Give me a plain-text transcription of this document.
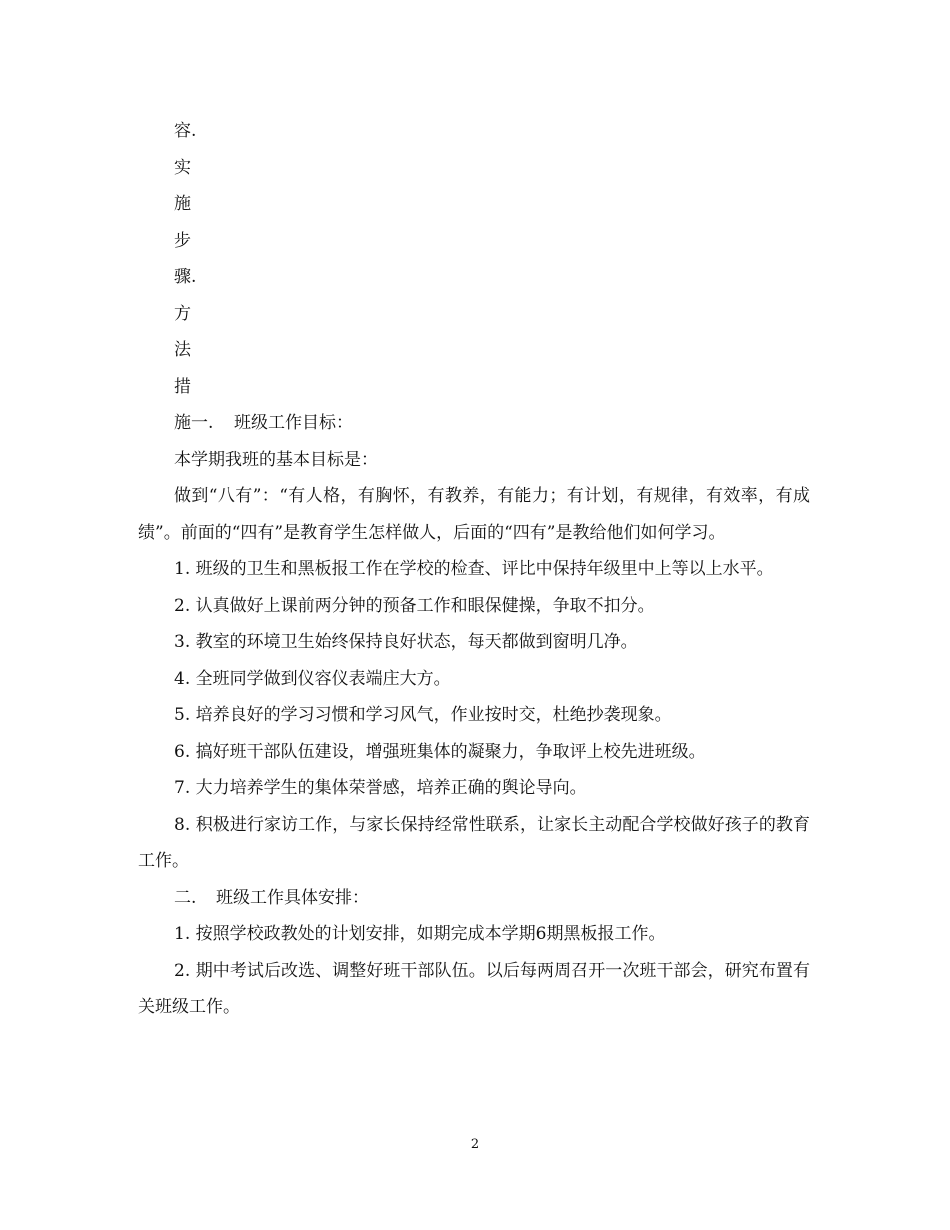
容.

实

施

步

骤.

方

法

措

施一. 班级工作目标：

本学期我班的基本目标是：

做到“八有”：“有人格，有胸怀，有教养，有能力；有计划，有规律，有效率，有成绩”。前面的“四有”是教育学生怎样做人，后面的“四有”是教给他们如何学习。

1. 班级的卫生和黑板报工作在学校的检查、评比中保持年级里中上等以上水平。

2. 认真做好上课前两分钟的预备工作和眼保健操，争取不扣分。

3. 教室的环境卫生始终保持良好状态，每天都做到窗明几净。

4. 全班同学做到仪容仪表端庄大方。

5. 培养良好的学习习惯和学习风气，作业按时交，杜绝抄袭现象。

6. 搞好班干部队伍建设，增强班集体的凝聚力，争取评上校先进班级。

7. 大力培养学生的集体荣誉感，培养正确的舆论导向。

8. 积极进行家访工作，与家长保持经常性联系，让家长主动配合学校做好孩子的教育工作。

二. 班级工作具体安排：

1. 按照学校政教处的计划安排，如期完成本学期6期黑板报工作。

2. 期中考试后改选、调整好班干部队伍。以后每两周召开一次班干部会，研究布置有关班级工作。

2
